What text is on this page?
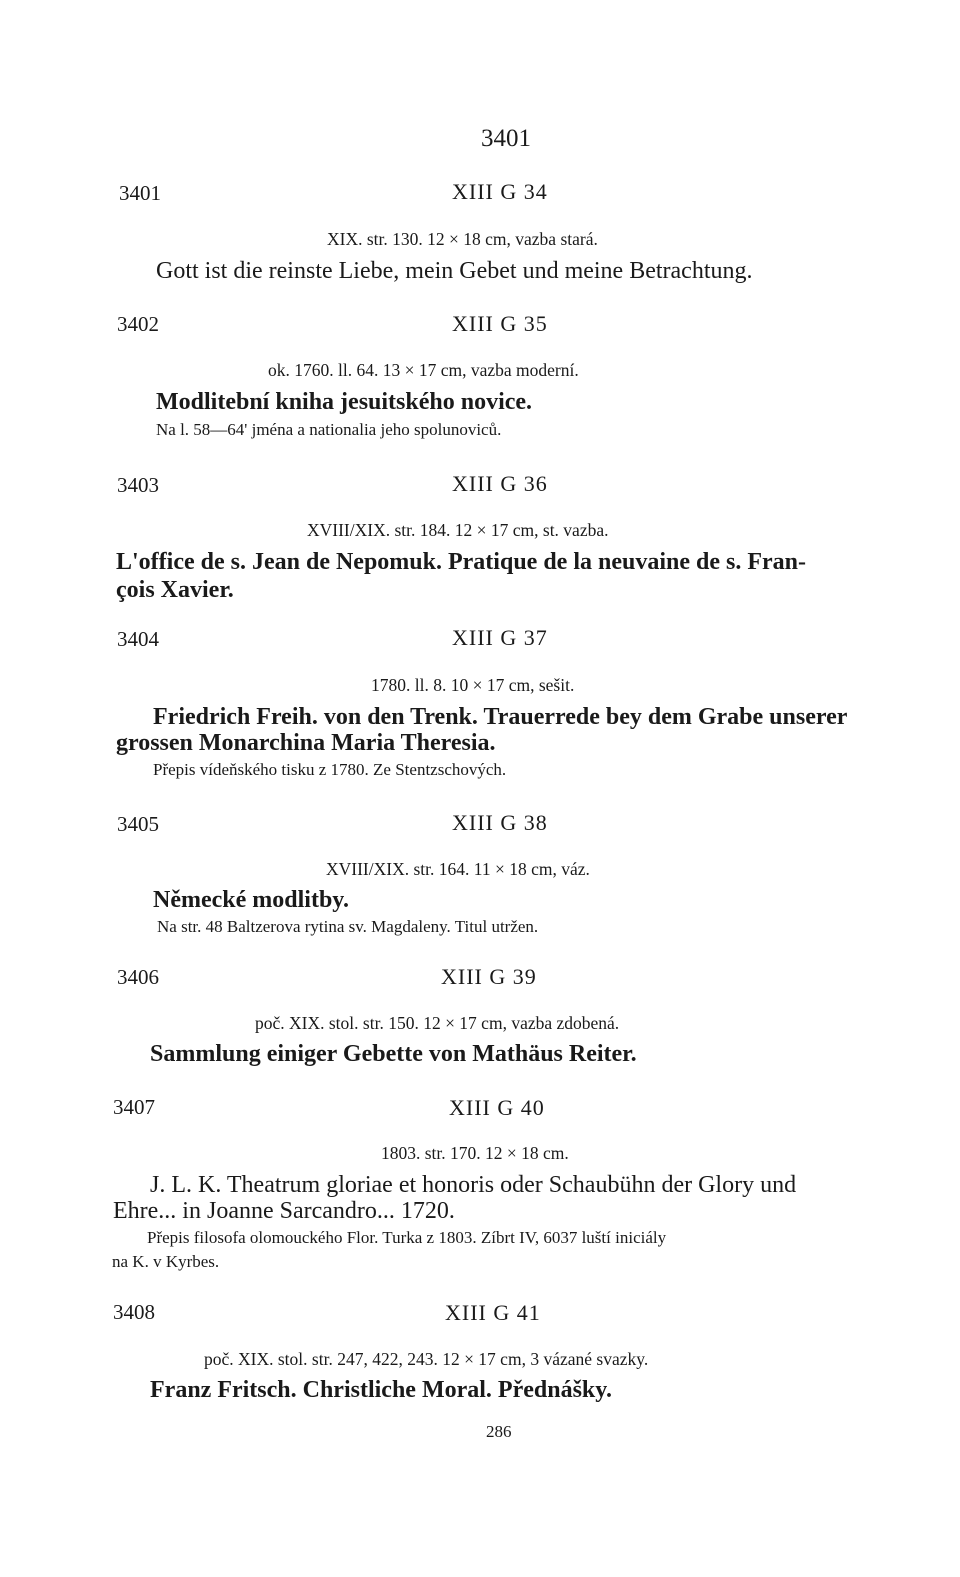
3401
3401	XIII G 34
XIX. str. 130. 12 × 18 cm, vazba stará.
Gott ist die reinste Liebe, mein Gebet und meine Betrachtung.
3402	XIII G 35
ok. 1760. ll. 64. 13 × 17 cm, vazba moderní.
Modlitební kniha jesuitského novice.
Na l. 58—64' jména a nationalia jeho spolunoviců.
3403	XIII G 36
XVIII/XIX. str. 184. 12 × 17 cm, st. vazba.
L'office de s. Jean de Nepomuk. Pratique de la neuvaine de s. Fran-
çois Xavier.
3404	XIII G 37
1780. ll. 8. 10 × 17 cm, sešit.
Friedrich Freih. von den Trenk. Trauerrede bey dem Grabe unserer
grossen Monarchina Maria Theresia.
Přepis vídeňského tisku z 1780. Ze Stentzschových.
3405	XIII G 38
XVIII/XIX. str. 164. 11 × 18 cm, váz.
Německé modlitby.
Na str. 48 Baltzerova rytina sv. Magdaleny. Titul utržen.
3406	XIII G 39
poč. XIX. stol. str. 150. 12 × 17 cm, vazba zdobená.
Sammlung einiger Gebette von Mathäus Reiter.
3407	XIII G 40
1803. str. 170. 12 × 18 cm.
J. L. K. Theatrum gloriae et honoris oder Schaubühn der Glory und
Ehre... in Joanne Sarcandro... 1720.
Přepis filosofa olomouckého Flor. Turka z 1803. Zíbrt IV, 6037 luští iniciály
na K. v Kyrbes.
3408	XIII G 41
poč. XIX. stol. str. 247, 422, 243. 12 × 17 cm, 3 vázané svazky.
Franz Fritsch. Christliche Moral. Přednášky.
286
